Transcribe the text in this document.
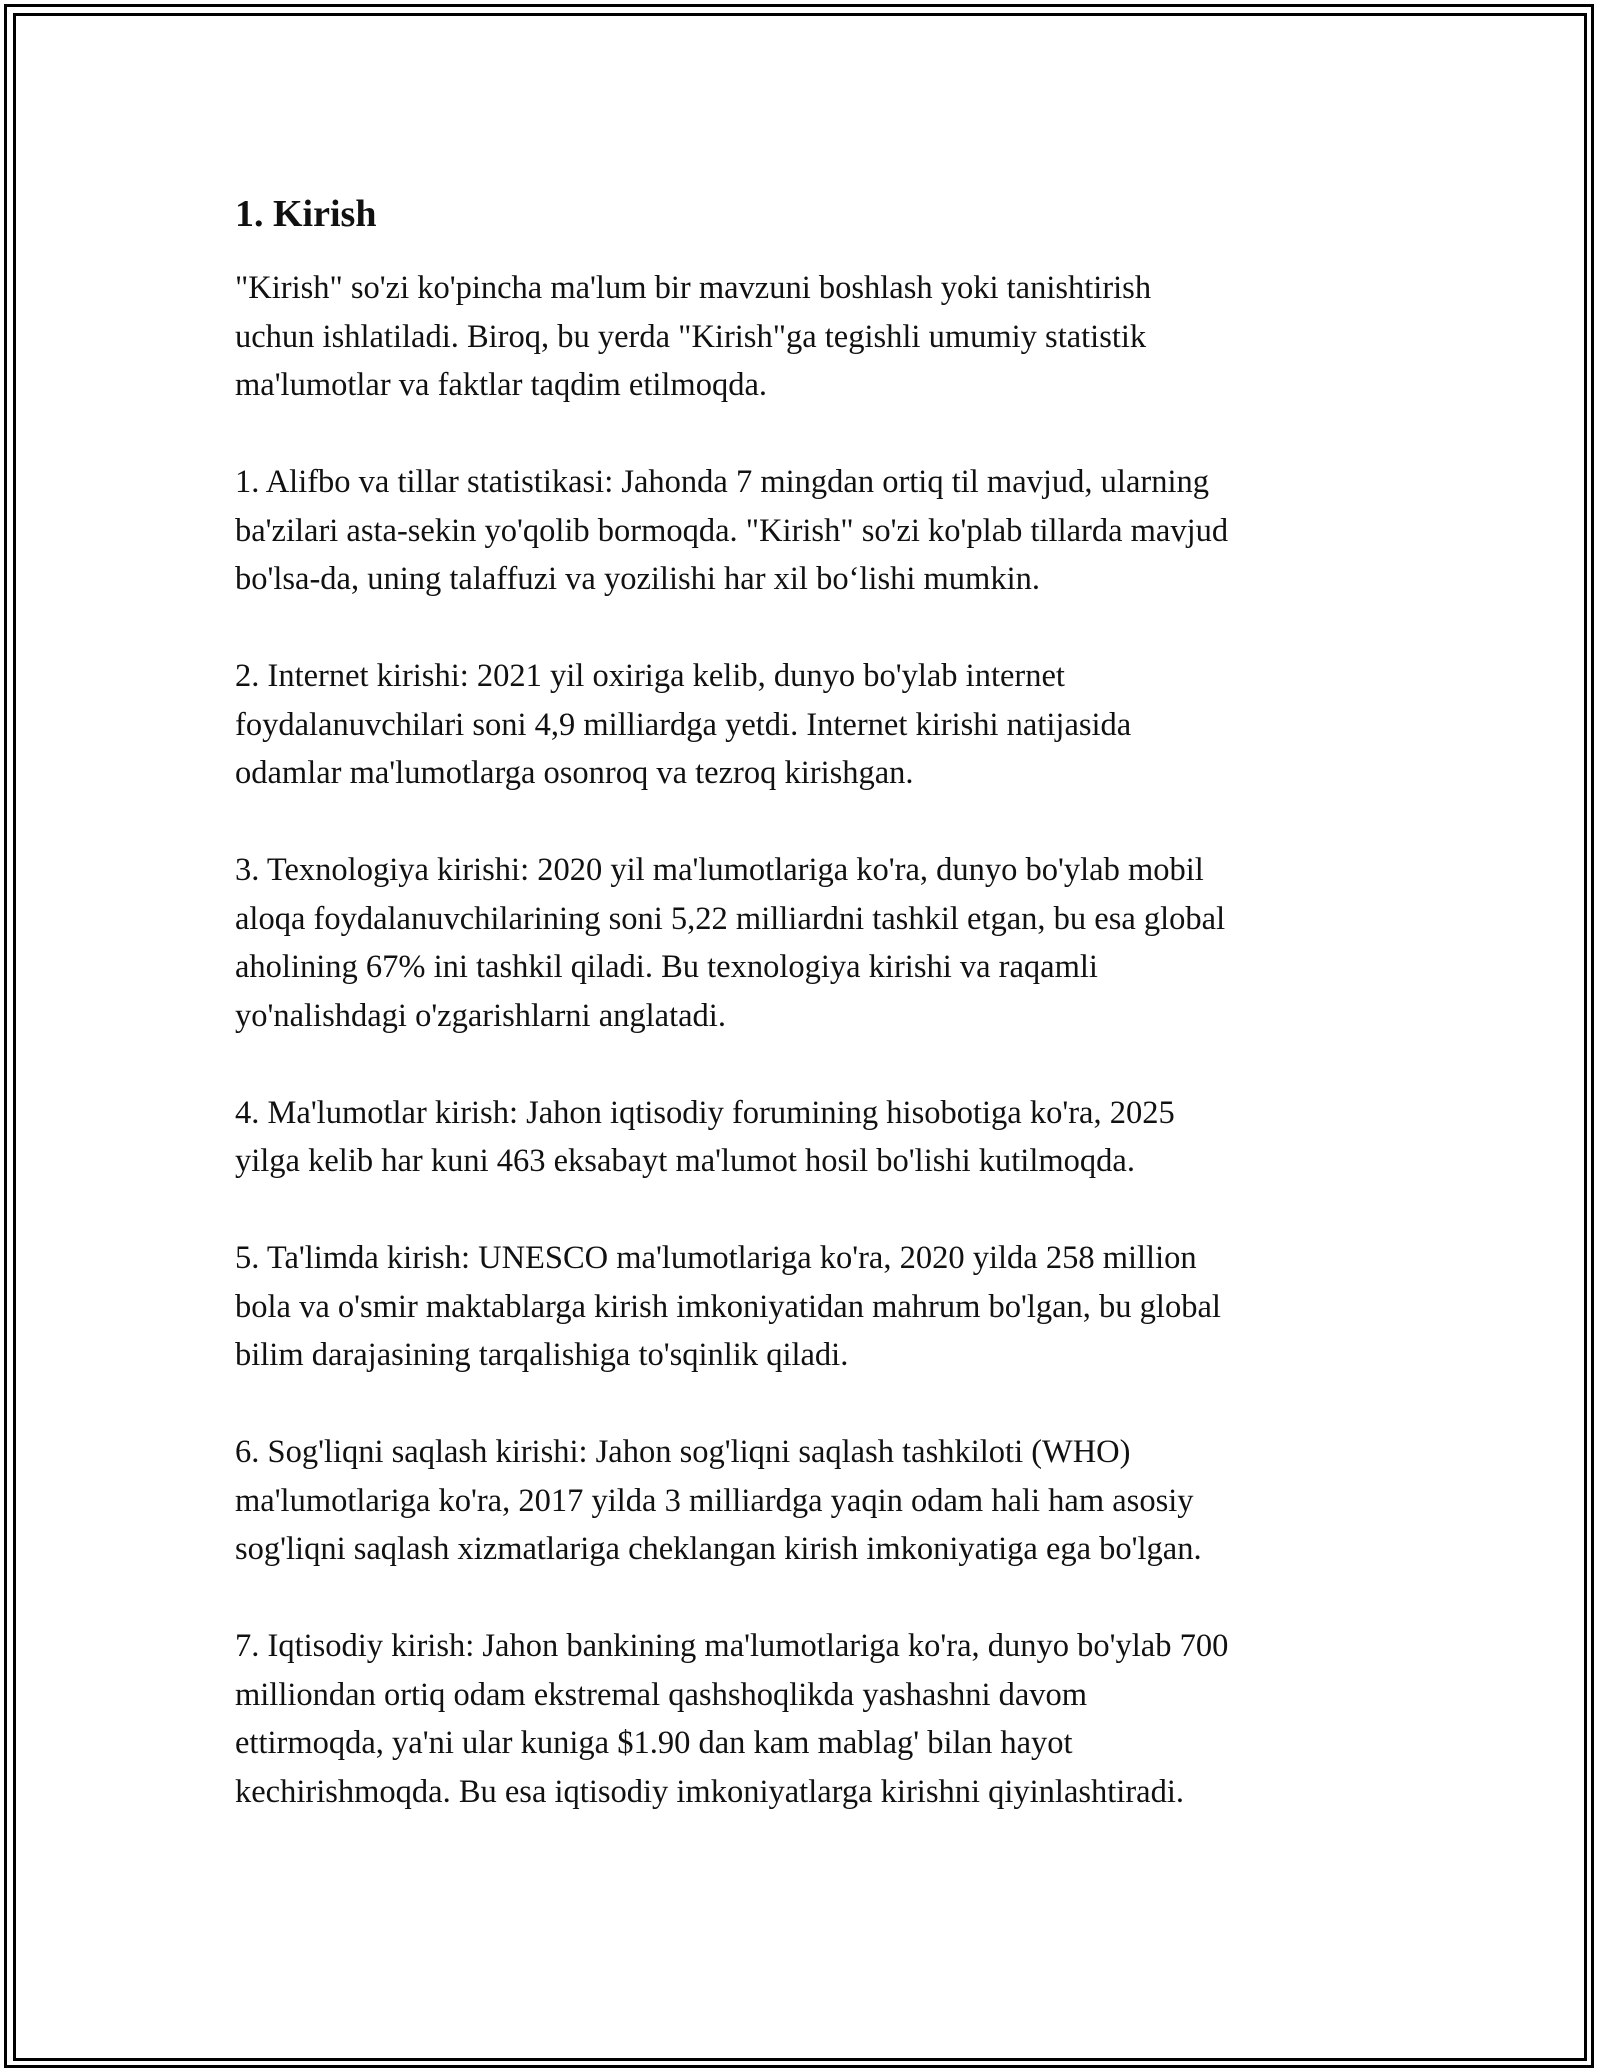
1. Kirish

"Kirish" so'zi ko'pincha ma'lum bir mavzuni boshlash yoki tanishtirish
uchun ishlatiladi. Biroq, bu yerda "Kirish"ga tegishli umumiy statistik
ma'lumotlar va faktlar taqdim etilmoqda.

1. Alifbo va tillar statistikasi: Jahonda 7 mingdan ortiq til mavjud, ularning
ba'zilari asta-sekin yo'qolib bormoqda. "Kirish" so'zi ko'plab tillarda mavjud
bo'lsa-da, uning talaffuzi va yozilishi har xil bo‘lishi mumkin.

2. Internet kirishi: 2021 yil oxiriga kelib, dunyo bo'ylab internet
foydalanuvchilari soni 4,9 milliardga yetdi. Internet kirishi natijasida
odamlar ma'lumotlarga osonroq va tezroq kirishgan.

3. Texnologiya kirishi: 2020 yil ma'lumotlariga ko'ra, dunyo bo'ylab mobil
aloqa foydalanuvchilarining soni 5,22 milliardni tashkil etgan, bu esa global
aholining 67% ini tashkil qiladi. Bu texnologiya kirishi va raqamli
yo'nalishdagi o'zgarishlarni anglatadi.

4. Ma'lumotlar kirish: Jahon iqtisodiy forumining hisobotiga ko'ra, 2025
yilga kelib har kuni 463 eksabayt ma'lumot hosil bo'lishi kutilmoqda.

5. Ta'limda kirish: UNESCO ma'lumotlariga ko'ra, 2020 yilda 258 million
bola va o'smir maktablarga kirish imkoniyatidan mahrum bo'lgan, bu global
bilim darajasining tarqalishiga to'sqinlik qiladi.

6. Sog'liqni saqlash kirishi: Jahon sog'liqni saqlash tashkiloti (WHO)
ma'lumotlariga ko'ra, 2017 yilda 3 milliardga yaqin odam hali ham asosiy
sog'liqni saqlash xizmatlariga cheklangan kirish imkoniyatiga ega bo'lgan.

7. Iqtisodiy kirish: Jahon bankining ma'lumotlariga ko'ra, dunyo bo'ylab 700
milliondan ortiq odam ekstremal qashshoqlikda yashashni davom
ettirmoqda, ya'ni ular kuniga $1.90 dan kam mablag' bilan hayot
kechirishmoqda. Bu esa iqtisodiy imkoniyatlarga kirishni qiyinlashtiradi.
